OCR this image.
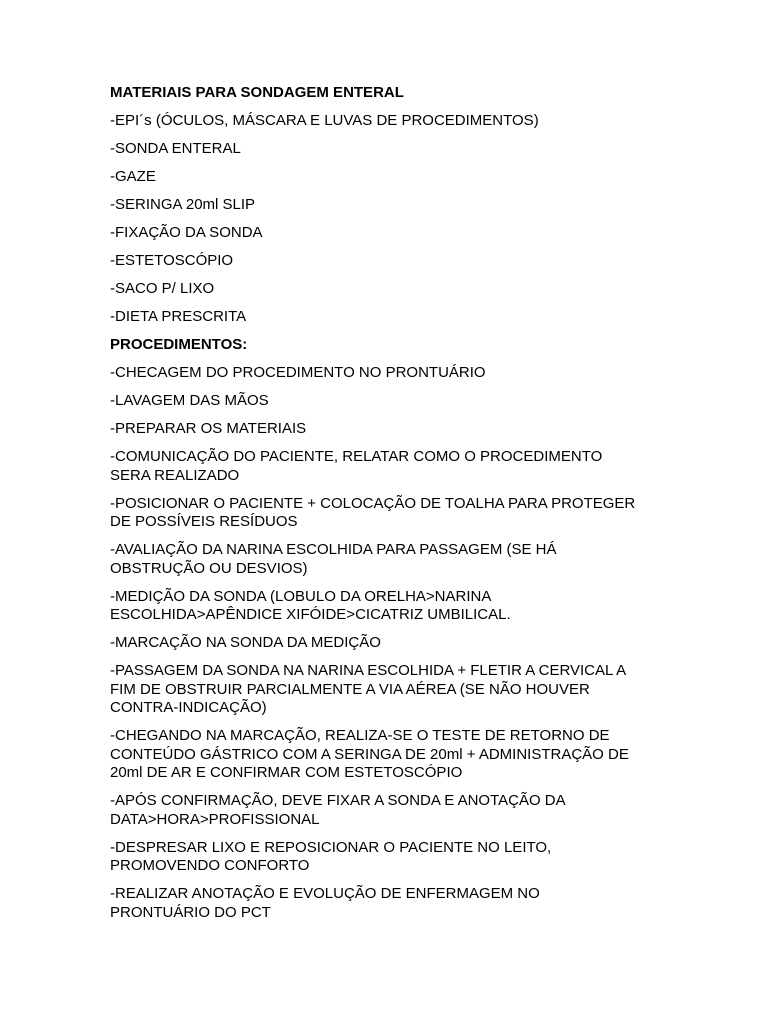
MATERIAIS PARA SONDAGEM ENTERAL

-EPI´s (ÓCULOS, MÁSCARA E LUVAS DE PROCEDIMENTOS)

-SONDA ENTERAL

-GAZE

-SERINGA 20ml SLIP

-FIXAÇÃO DA SONDA

-ESTETOSCÓPIO

-SACO P/ LIXO

-DIETA PRESCRITA

PROCEDIMENTOS:

-CHECAGEM DO PROCEDIMENTO NO PRONTUÁRIO

-LAVAGEM DAS MÃOS

-PREPARAR OS MATERIAIS

-COMUNICAÇÃO DO PACIENTE, RELATAR COMO O PROCEDIMENTO
SERA REALIZADO

-POSICIONAR O PACIENTE + COLOCAÇÃO DE TOALHA PARA PROTEGER
DE POSSÍVEIS RESÍDUOS

-AVALIAÇÃO DA NARINA ESCOLHIDA PARA PASSAGEM (SE HÁ
OBSTRUÇÃO OU DESVIOS)

-MEDIÇÃO DA SONDA (LOBULO DA ORELHA>NARINA
ESCOLHIDA>APÊNDICE XIFÓIDE>CICATRIZ UMBILICAL.

-MARCAÇÃO NA SONDA DA MEDIÇÃO

-PASSAGEM DA SONDA NA NARINA ESCOLHIDA + FLETIR A CERVICAL A
FIM DE OBSTRUIR PARCIALMENTE A VIA AÉREA (SE NÃO HOUVER
CONTRA-INDICAÇÃO)

-CHEGANDO NA MARCAÇÃO, REALIZA-SE O TESTE DE RETORNO DE
CONTEÚDO GÁSTRICO COM A SERINGA DE 20ml + ADMINISTRAÇÃO DE
20ml DE AR E CONFIRMAR COM ESTETOSCÓPIO

-APÓS CONFIRMAÇÃO, DEVE FIXAR A SONDA E ANOTAÇÃO DA
DATA>HORA>PROFISSIONAL

-DESPRESAR LIXO E REPOSICIONAR O PACIENTE NO LEITO,
PROMOVENDO CONFORTO

-REALIZAR ANOTAÇÃO E EVOLUÇÃO DE ENFERMAGEM NO
PRONTUÁRIO DO PCT
